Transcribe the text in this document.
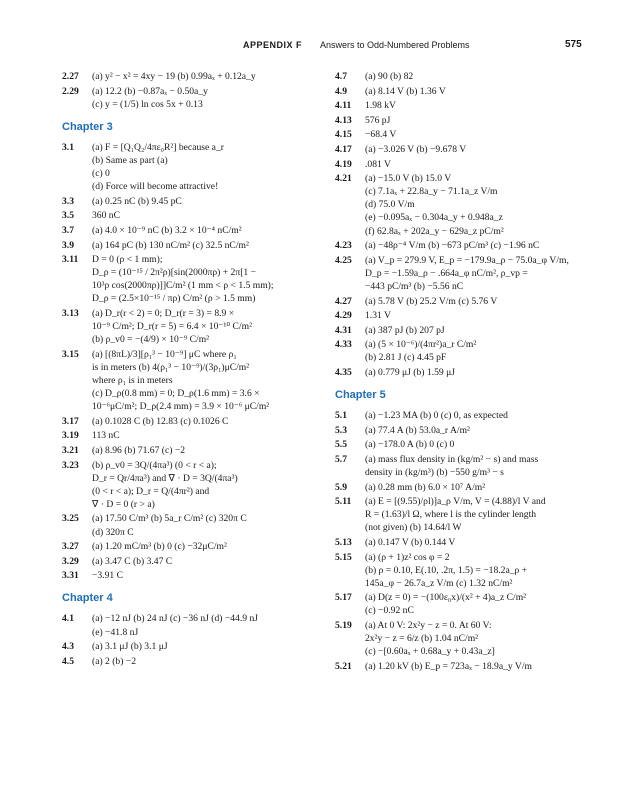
APPENDIX F Answers to Odd-Numbered Problems	575
2.27	(a) y² − x² = 4xy − 19 (b) 0.99aₓ + 0.12a_y
2.29	(a) 12.2 (b) −0.87aₓ − 0.50a_y
(c) y = (1/5) ln cos 5x + 0.13
Chapter 3
3.1	(a) F = [Q₁Q₂/4πε₀R²] because a_r
(b) Same as part (a)
(c) 0
(d) Force will become attractive!
3.3	(a) 0.25 nC (b) 9.45 pC
3.5	360 nC
3.7	(a) 4.0 × 10⁻⁹ nC (b) 3.2 × 10⁻⁴ nC/m²
3.9	(a) 164 pC (b) 130 nC/m² (c) 32.5 nC/m²
3.11	D = 0 (ρ < 1 mm);
D_ρ = (10⁻¹⁵ / 2π²ρ)[sin(2000πρ) + 2π[1 −
10³ρ cos(2000πρ)]]C/m² (1 mm < ρ < 1.5 mm);
D_ρ = (2.5×10⁻¹⁵ / πρ) C/m² (ρ > 1.5 mm)
3.13	(a) D_r(r < 2) = 0; D_r(r = 3) = 8.9 ×
10⁻⁹ C/m²; D_r(r = 5) = 6.4 × 10⁻¹⁰ C/m²
(b) ρ_v0 = −(4/9) × 10⁻⁹ C/m²
3.15	(a) [(8πL)/3][ρ₁³ − 10⁻⁹] μC where ρ₁
is in meters (b) 4(ρ₁³ − 10⁻⁹)/(3ρ₁)μC/m²
where ρ₁ is in meters
(c) D_ρ(0.8 mm) = 0; D_ρ(1.6 mm) = 3.6 ×
10⁻⁶μC/m²; D_ρ(2.4 mm) = 3.9 × 10⁻⁶ μC/m²
3.17	(a) 0.1028 C (b) 12.83 (c) 0.1026 C
3.19	113 nC
3.21	(a) 8.96 (b) 71.67 (c) −2
3.23	(b) ρ_v0 = 3Q/(4πa³) (0 < r < a);
D_r = Qr/4πa³) and ∇ · D = 3Q/(4πa³)
(0 < r < a); D_r = Q/(4πr²) and
∇ · D = 0 (r > a)
3.25	(a) 17.50 C/m³ (b) 5a_r C/m² (c) 320π C
(d) 320π C
3.27	(a) 1.20 mC/m³ (b) 0 (c) −32μC/m²
3.29	(a) 3.47 C (b) 3.47 C
3.31	−3.91 C
Chapter 4
4.1	(a) −12 nJ (b) 24 nJ (c) −36 nJ (d) −44.9 nJ
(e) −41.8 nJ
4.3	(a) 3.1 μJ (b) 3.1 μJ
4.5	(a) 2 (b) −2
4.7	(a) 90 (b) 82
4.9	(a) 8.14 V (b) 1.36 V
4.11	1.98 kV
4.13	576 pJ
4.15	−68.4 V
4.17	(a) −3.026 V (b) −9.678 V
4.19	.081 V
4.21	(a) −15.0 V (b) 15.0 V
(c) 7.1aₓ + 22.8a_y − 71.1a_z V/m
(d) 75.0 V/m
(e) −0.095aₓ − 0.304a_y + 0.948a_z
(f) 62.8aₓ + 202a_y − 629a_z pC/m²
4.23	(a) −48ρ⁻⁴ V/m (b) −673 pC/m³ (c) −1.96 nC
4.25	(a) V_p = 279.9 V, E_p = −179.9a_ρ − 75.0a_φ V/m,
D_p = −1.59a_ρ − .664a_φ nC/m², ρ_vp =
−443 pC/m³ (b) −5.56 nC
4.27	(a) 5.78 V (b) 25.2 V/m (c) 5.76 V
4.29	1.31 V
4.31	(a) 387 pJ (b) 207 pJ
4.33	(a) (5 × 10⁻⁶)/(4πr²)a_r C/m²
(b) 2.81 J (c) 4.45 pF
4.35	(a) 0.779 μJ (b) 1.59 μJ
Chapter 5
5.1	(a) −1.23 MA (b) 0 (c) 0, as expected
5.3	(a) 77.4 A (b) 53.0a_r A/m²
5.5	(a) −178.0 A (b) 0 (c) 0
5.7	(a) mass flux density in (kg/m² − s) and mass
density in (kg/m³) (b) −550 g/m³ − s
5.9	(a) 0.28 mm (b) 6.0 × 10⁷ A/m²
5.11	(a) E = [(9.55)/ρl)]a_ρ V/m, V = (4.88)/l V and
R = (1.63)/l Ω, where l is the cylinder length
(not given) (b) 14.64/l W
5.13	(a) 0.147 V (b) 0.144 V
5.15	(a) (ρ + 1)z² cos φ = 2
(b) ρ = 0.10, E(.10, .2π, 1.5) = −18.2a_ρ +
145a_φ − 26.7a_z V/m (c) 1.32 nC/m²
5.17	(a) D(z = 0) = −(100ε₀x)/(x² + 4)a_z C/m²
(c) −0.92 nC
5.19	(a) At 0 V: 2x²y − z = 0. At 60 V:
2x²y − z = 6/z (b) 1.04 nC/m²
(c) −[0.60aₓ + 0.68a_y + 0.43a_z]
5.21	(a) 1.20 kV (b) E_p = 723aₓ − 18.9a_y V/m
